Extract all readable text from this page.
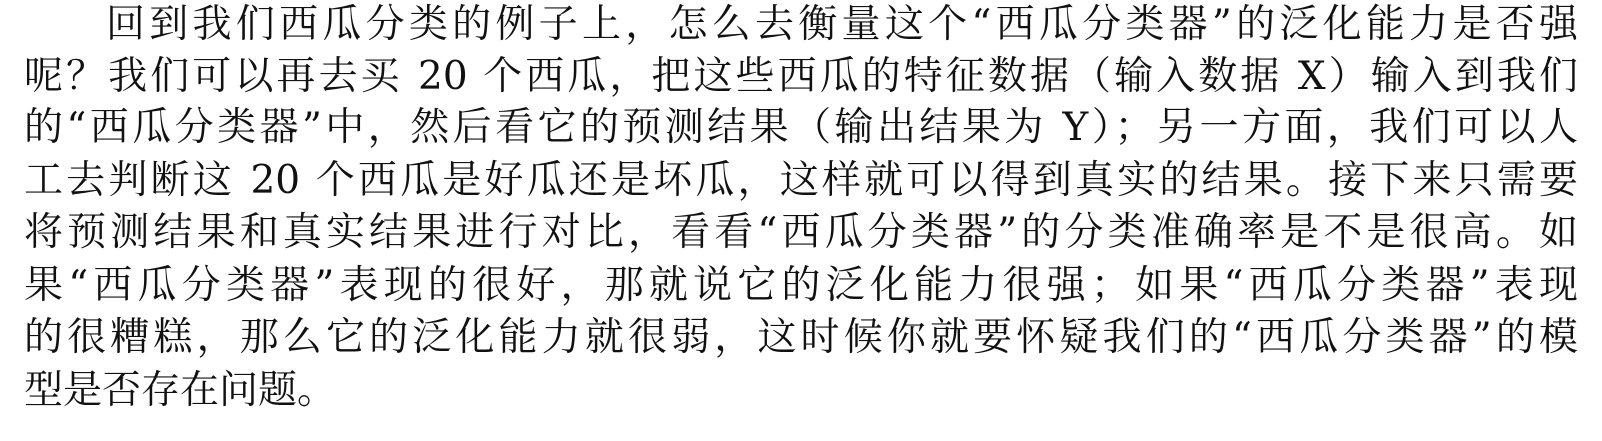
回到我们西瓜分类的例子上，怎么去衡量这个“西瓜分类器”的泛化能力是否强
呢？我们可以再去买 20 个西瓜，把这些西瓜的特征数据（输入数据 X）输入到我们
的“西瓜分类器”中，然后看它的预测结果（输出结果为 Y）；另一方面，我们可以人
工去判断这 20 个西瓜是好瓜还是坏瓜，这样就可以得到真实的结果。接下来只需要
将预测结果和真实结果进行对比，看看“西瓜分类器”的分类准确率是不是很高。如
果“西瓜分类器”表现的很好，那就说它的泛化能力很强；如果“西瓜分类器”表现
的很糟糕，那么它的泛化能力就很弱，这时候你就要怀疑我们的“西瓜分类器”的模
型是否存在问题。
